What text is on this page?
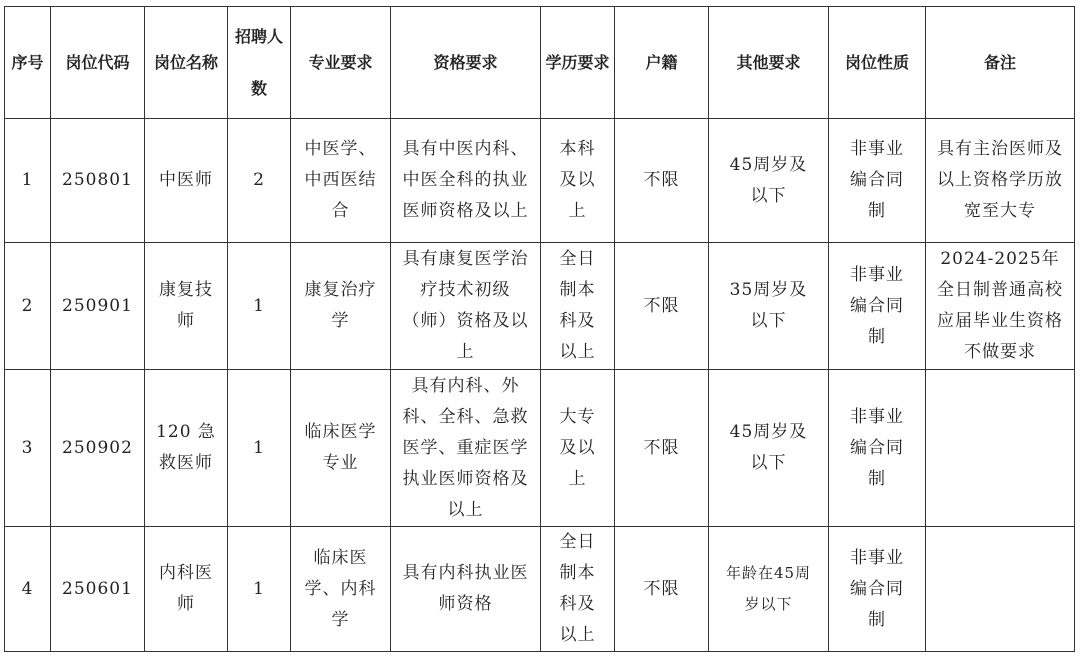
序号	岗位代码	岗位名称	招聘人数	专业要求	资格要求	学历要求	户籍	其他要求	岗位性质	备注
1	250801	中医师	2	中医学、中西医结合	具有中医内科、中医全科的执业医师资格及以上	本科及以上	不限	45周岁及以下	非事业编合同制	具有主治医师及以上资格学历放宽至大专
2	250901	康复技师	1	康复治疗学	具有康复医学治疗技术初级（师）资格及以上	全日制本科及以上	不限	35周岁及以下	非事业编合同制	2024-2025年全日制普通高校应届毕业生资格不做要求
3	250902	120 急救医师	1	临床医学专业	具有内科、外科、全科、急救医学、重症医学执业医师资格及以上	大专及以上	不限	45周岁及以下	非事业编合同制	
4	250601	内科医师	1	临床医学、内科学	具有内科执业医师资格	全日制本科及以上	不限	年龄在45周岁以下	非事业编合同制	
